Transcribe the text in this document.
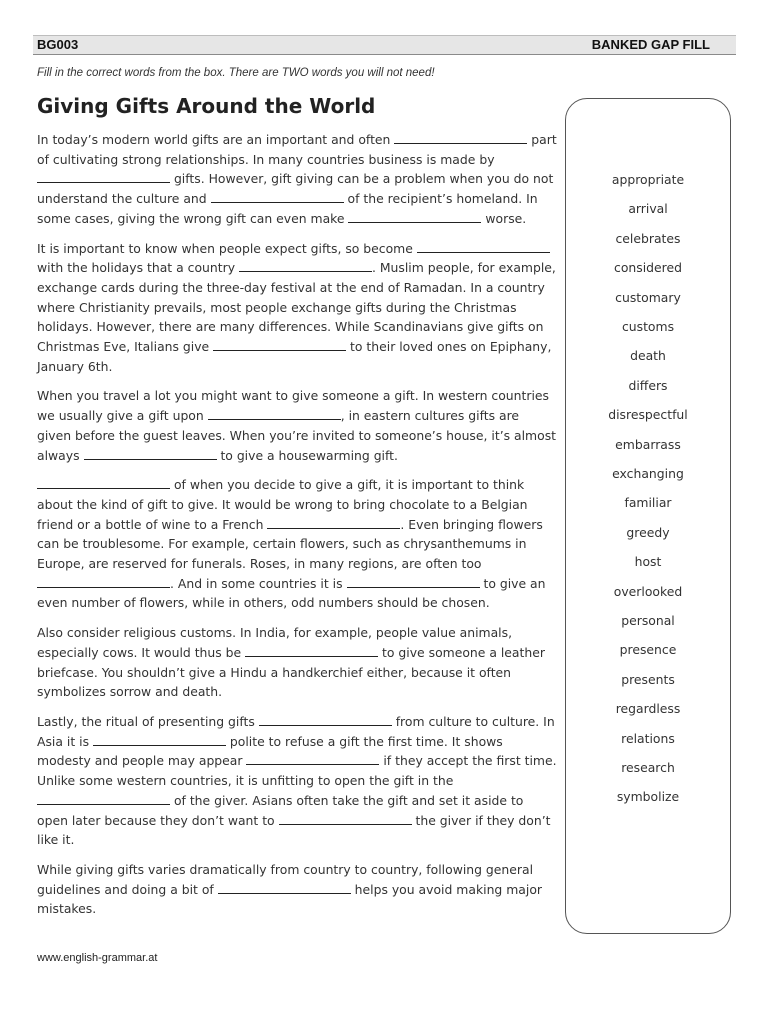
BG003	BANKED GAP FILL
Fill in the correct words from the box. There are TWO words you will not need!
Giving Gifts Around the World

In today’s modern world gifts are an important and often	part of cultivating strong relationships. In many countries business is made by  gifts. However, gift giving can be a problem when you do not understand the culture and	of the recipient’s homeland. In some cases, giving the wrong gift can even make	worse.

It is important to know when people expect gifts, so become  with the holidays that a country	. Muslim people, for example, exchange cards during the three-day festival at the end of Ramadan. In a country where Christianity prevails, most people exchange gifts during the Christmas holidays. However, there are many differences. While Scandinavians give gifts on Christmas Eve, Italians give	to their loved ones on Epiphany, January 6th.

When you travel a lot you might want to give someone a gift. In western countries we usually give a gift upon	, in eastern cultures gifts are given before the guest leaves. When you’re invited to someone’s house, it’s almost always	to give a housewarming gift.

of when you decide to give a gift, it is important to think about the kind of gift to give. It would be wrong to bring chocolate to a Belgian friend or a bottle of wine to a French	. Even bringing flowers can be troublesome. For example, certain flowers, such as chrysanthemums in Europe, are reserved for funerals. Roses, in many regions, are often too . And in some countries it is	to give an even number of flowers, while in others, odd numbers should be chosen.

Also consider religious customs. In India, for example, people value animals, especially cows. It would thus be	to give someone a leather briefcase. You shouldn’t give a Hindu a handkerchief either, because it often symbolizes sorrow and death.

Lastly, the ritual of presenting gifts	from culture to culture. In Asia it is	polite to refuse a gift the first time. It shows modesty and people may appear	if they accept the first time. Unlike some western countries, it is unfitting to open the gift in the  of the giver. Asians often take the gift and set it aside to open later because they don’t want to	the giver if they don’t like it.

While giving gifts varies dramatically from country to country, following general guidelines and doing a bit of	helps you avoid making major mistakes.

appropriate
arrival
celebrates
considered
customary
customs
death
differs
disrespectful
embarrass
exchanging
familiar
greedy
host
overlooked
personal
presence
presents
regardless
relations
research
symbolize
www.english-grammar.at
